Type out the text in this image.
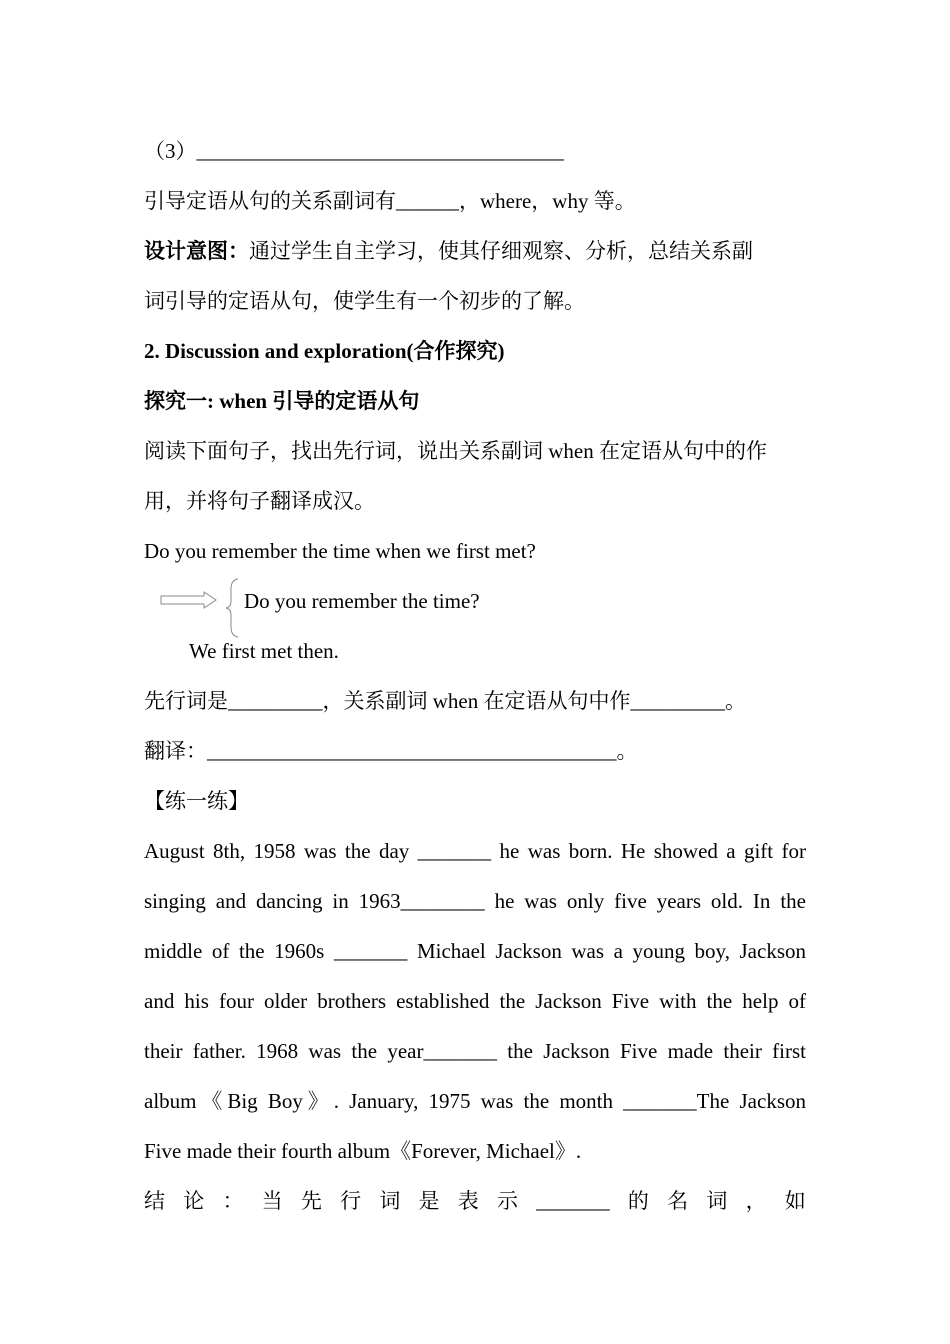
（3）___________________________________
引导定语从句的关系副词有______，where，why 等。
设计意图：通过学生自主学习，使其仔细观察、分析，总结关系副
词引导的定语从句，使学生有一个初步的了解。
2. Discussion and exploration(合作探究)
探究一: when 引导的定语从句
阅读下面句子，找出先行词，说出关系副词 when 在定语从句中的作
用，并将句子翻译成汉。
Do you remember the time when we first met?
Do you remember the time?
We first met then.
先行词是_________，关系副词 when 在定语从句中作_________。
翻译：_______________________________________。
【练一练】
August 8th, 1958 was the day _______ he was born. He showed a gift for
singing and dancing in 1963________ he was only five years old. In the
middle of the 1960s _______ Michael Jackson was a young boy, Jackson
and his four older brothers established the Jackson Five with the help of
their father. 1968 was the year_______ the Jackson Five made their first
album《Big Boy》. January, 1975 was the month _______The Jackson
Five made their fourth album《Forever, Michael》.
结 论 ： 当 先 行 词 是 表 示 _______ 的 名 词 ， 如
